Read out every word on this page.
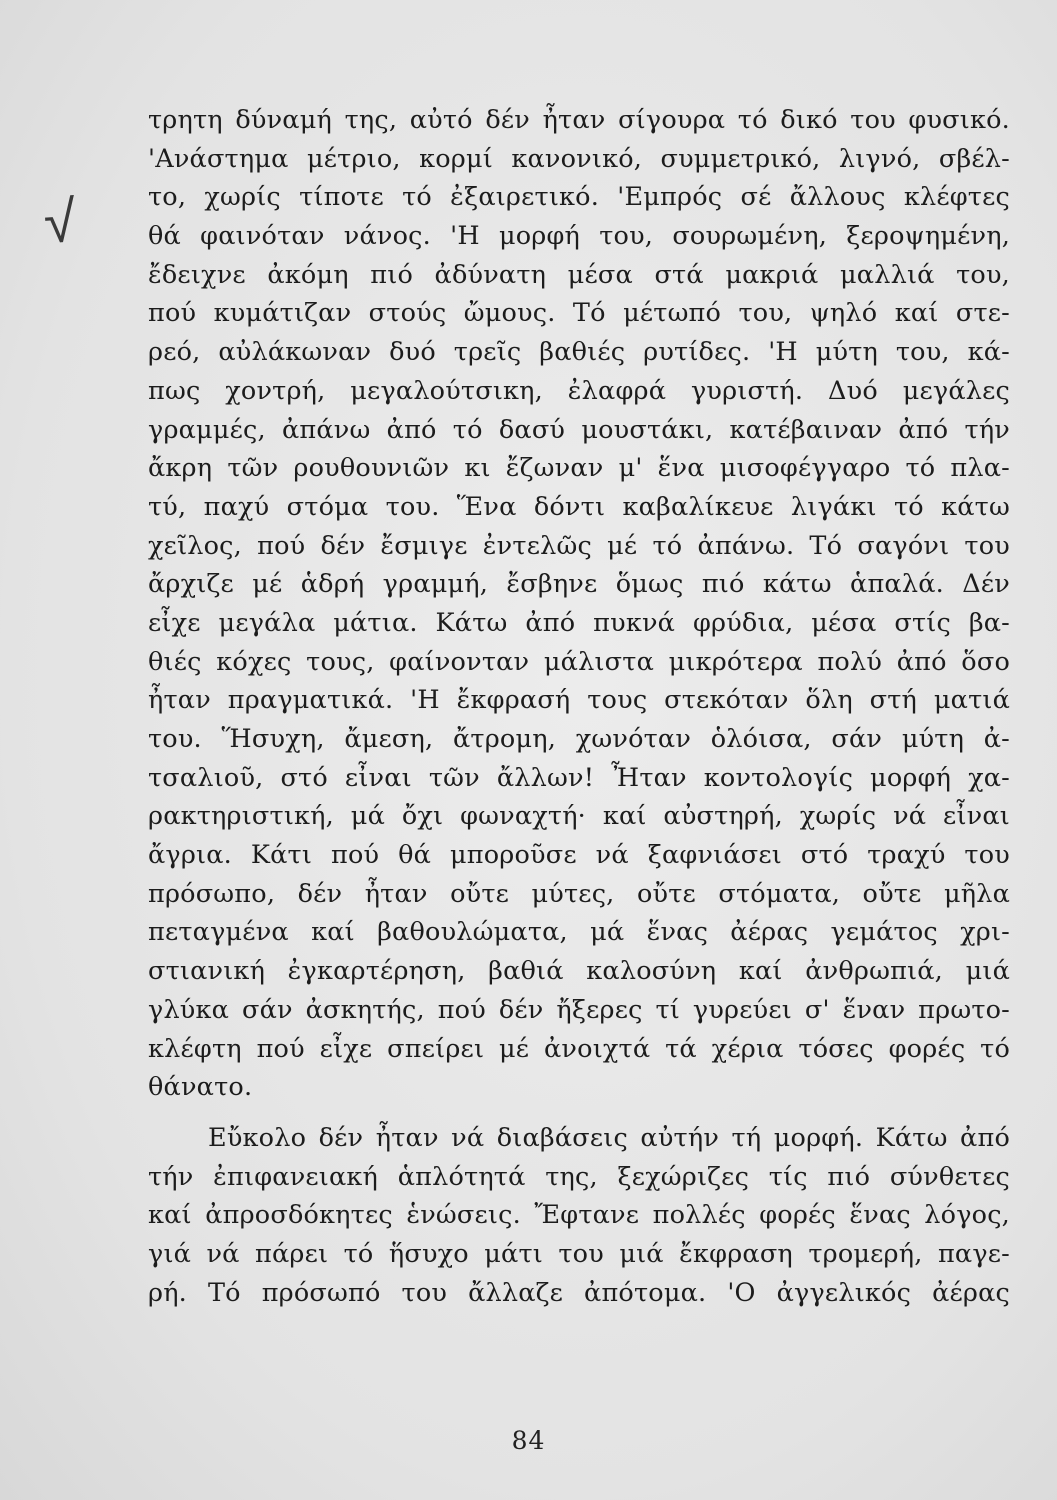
√
τρητη δύναμή της, αὐτό δέν ἦταν σίγουρα τό δικό του φυσικό.
'Ανάστημα μέτριο, κορμί κανονικό, συμμετρικό, λιγνό, σβέλ-
το, χωρίς τίποτε τό ἐξαιρετικό. 'Εμπρός σέ ἄλλους κλέφτες
θά φαινόταν νάνος. 'Η μορφή του, σουρωμένη, ξεροψημένη,
ἔδειχνε ἀκόμη πιό ἀδύνατη μέσα στά μακριά μαλλιά του,
πού κυμάτιζαν στούς ὤμους. Τό μέτωπό του, ψηλό καί στε-
ρεό, αὐλάκωναν δυό τρεῖς βαθιές ρυτίδες. 'Η μύτη του, κά-
πως χοντρή, μεγαλούτσικη, ἐλαφρά γυριστή. Δυό μεγάλες
γραμμές, ἀπάνω ἀπό τό δασύ μουστάκι, κατέβαιναν ἀπό τήν
ἄκρη τῶν ρουθουνιῶν κι ἔζωναν μ' ἕνα μισοφέγγαρο τό πλα-
τύ, παχύ στόμα του. Ἕνα δόντι καβαλίκευε λιγάκι τό κάτω
χεῖλος, πού δέν ἔσμιγε ἐντελῶς μέ τό ἀπάνω. Τό σαγόνι του
ἄρχιζε μέ ἁδρή γραμμή, ἔσβηνε ὅμως πιό κάτω ἁπαλά. Δέν
εἶχε μεγάλα μάτια. Κάτω ἀπό πυκνά φρύδια, μέσα στίς βα-
θιές κόχες τους, φαίνονταν μάλιστα μικρότερα πολύ ἀπό ὅσο
ἦταν πραγματικά. 'Η ἔκφρασή τους στεκόταν ὅλη στή ματιά
του. Ἥσυχη, ἄμεση, ἄτρομη, χωνόταν ὁλόισα, σάν μύτη ἀ-
τσαλιοῦ, στό εἶναι τῶν ἄλλων! Ἦταν κοντολογίς μορφή χα-
ρακτηριστική, μά ὄχι φωναχτή· καί αὐστηρή, χωρίς νά εἶναι
ἄγρια. Κάτι πού θά μποροῦσε νά ξαφνιάσει στό τραχύ του
πρόσωπο, δέν ἦταν οὔτε μύτες, οὔτε στόματα, οὔτε μῆλα
πεταγμένα καί βαθουλώματα, μά ἕνας ἀέρας γεμάτος χρι-
στιανική ἐγκαρτέρηση, βαθιά καλοσύνη καί ἀνθρωπιά, μιά
γλύκα σάν ἀσκητής, πού δέν ἤξερες τί γυρεύει σ' ἕναν πρωτο-
κλέφτη πού εἶχε σπείρει μέ ἀνοιχτά τά χέρια τόσες φορές τό
θάνατο.
Εὔκολο δέν ἦταν νά διαβάσεις αὐτήν τή μορφή. Κάτω ἀπό
τήν ἐπιφανειακή ἁπλότητά της, ξεχώριζες τίς πιό σύνθετες
καί ἀπροσδόκητες ἑνώσεις. Ἔφτανε πολλές φορές ἕνας λόγος,
γιά νά πάρει τό ἥσυχο μάτι του μιά ἔκφραση τρομερή, παγε-
ρή. Τό πρόσωπό του ἄλλαζε ἀπότομα. 'Ο ἀγγελικός ἀέρας
84
